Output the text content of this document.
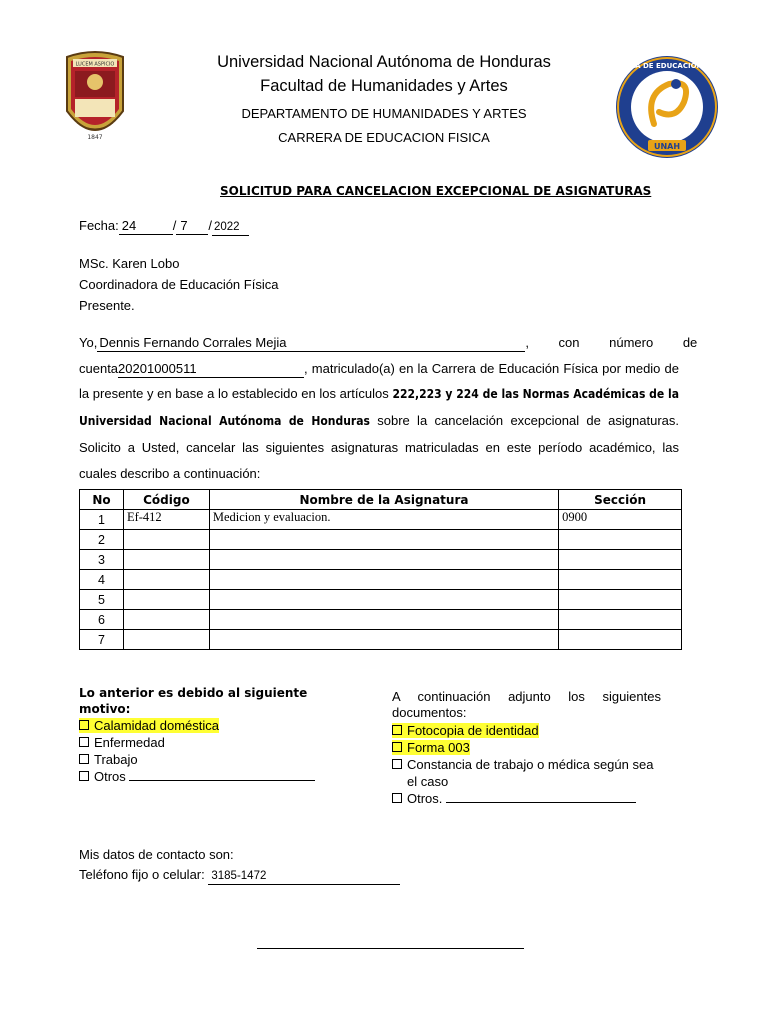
LUCEM ASPICIO
1847
CARRERA DE EDUCACIÓN FÍSICA
UNAH
Universidad Nacional Autónoma de Honduras
Facultad de Humanidades y Artes
DEPARTAMENTO DE HUMANIDADES Y ARTES
CARRERA DE EDUCACION FISICA
SOLICITUD PARA CANCELACION EXCEPCIONAL DE ASIGNATURAS
Fecha: 24	/ 7 / 2022
MSc. Karen Lobo
Coordinadora de Educación Física
Presente.
Yo, Dennis Fernando Corrales Mejia	, con número de
cuenta20201000511	, matriculado(a) en la Carrera de Educación Física por medio de la presente y en base a lo establecido en los artículos 222,223 y 224 de las Normas Académicas de la Universidad Nacional Autónoma de Honduras sobre la cancelación excepcional de asignaturas. Solicito a Usted, cancelar las siguientes asignaturas matriculadas en este período académico, las cuales describo a continuación:
No	Código	Nombre de la Asignatura	Sección
1	Ef-412	Medicion y evaluacion.	0900
2			
3			
4			
5			
6			
7			
Lo anterior es debido al siguiente
motivo:
Calamidad doméstica
Enfermedad
Trabajo
Otros
A continuación adjunto los siguientes documentos:
Fotocopia de identidad
Forma 003
Constancia de trabajo o médica según sea
el caso
Otros.
Mis datos de contacto son:
Teléfono fijo o celular: 3185-1472
